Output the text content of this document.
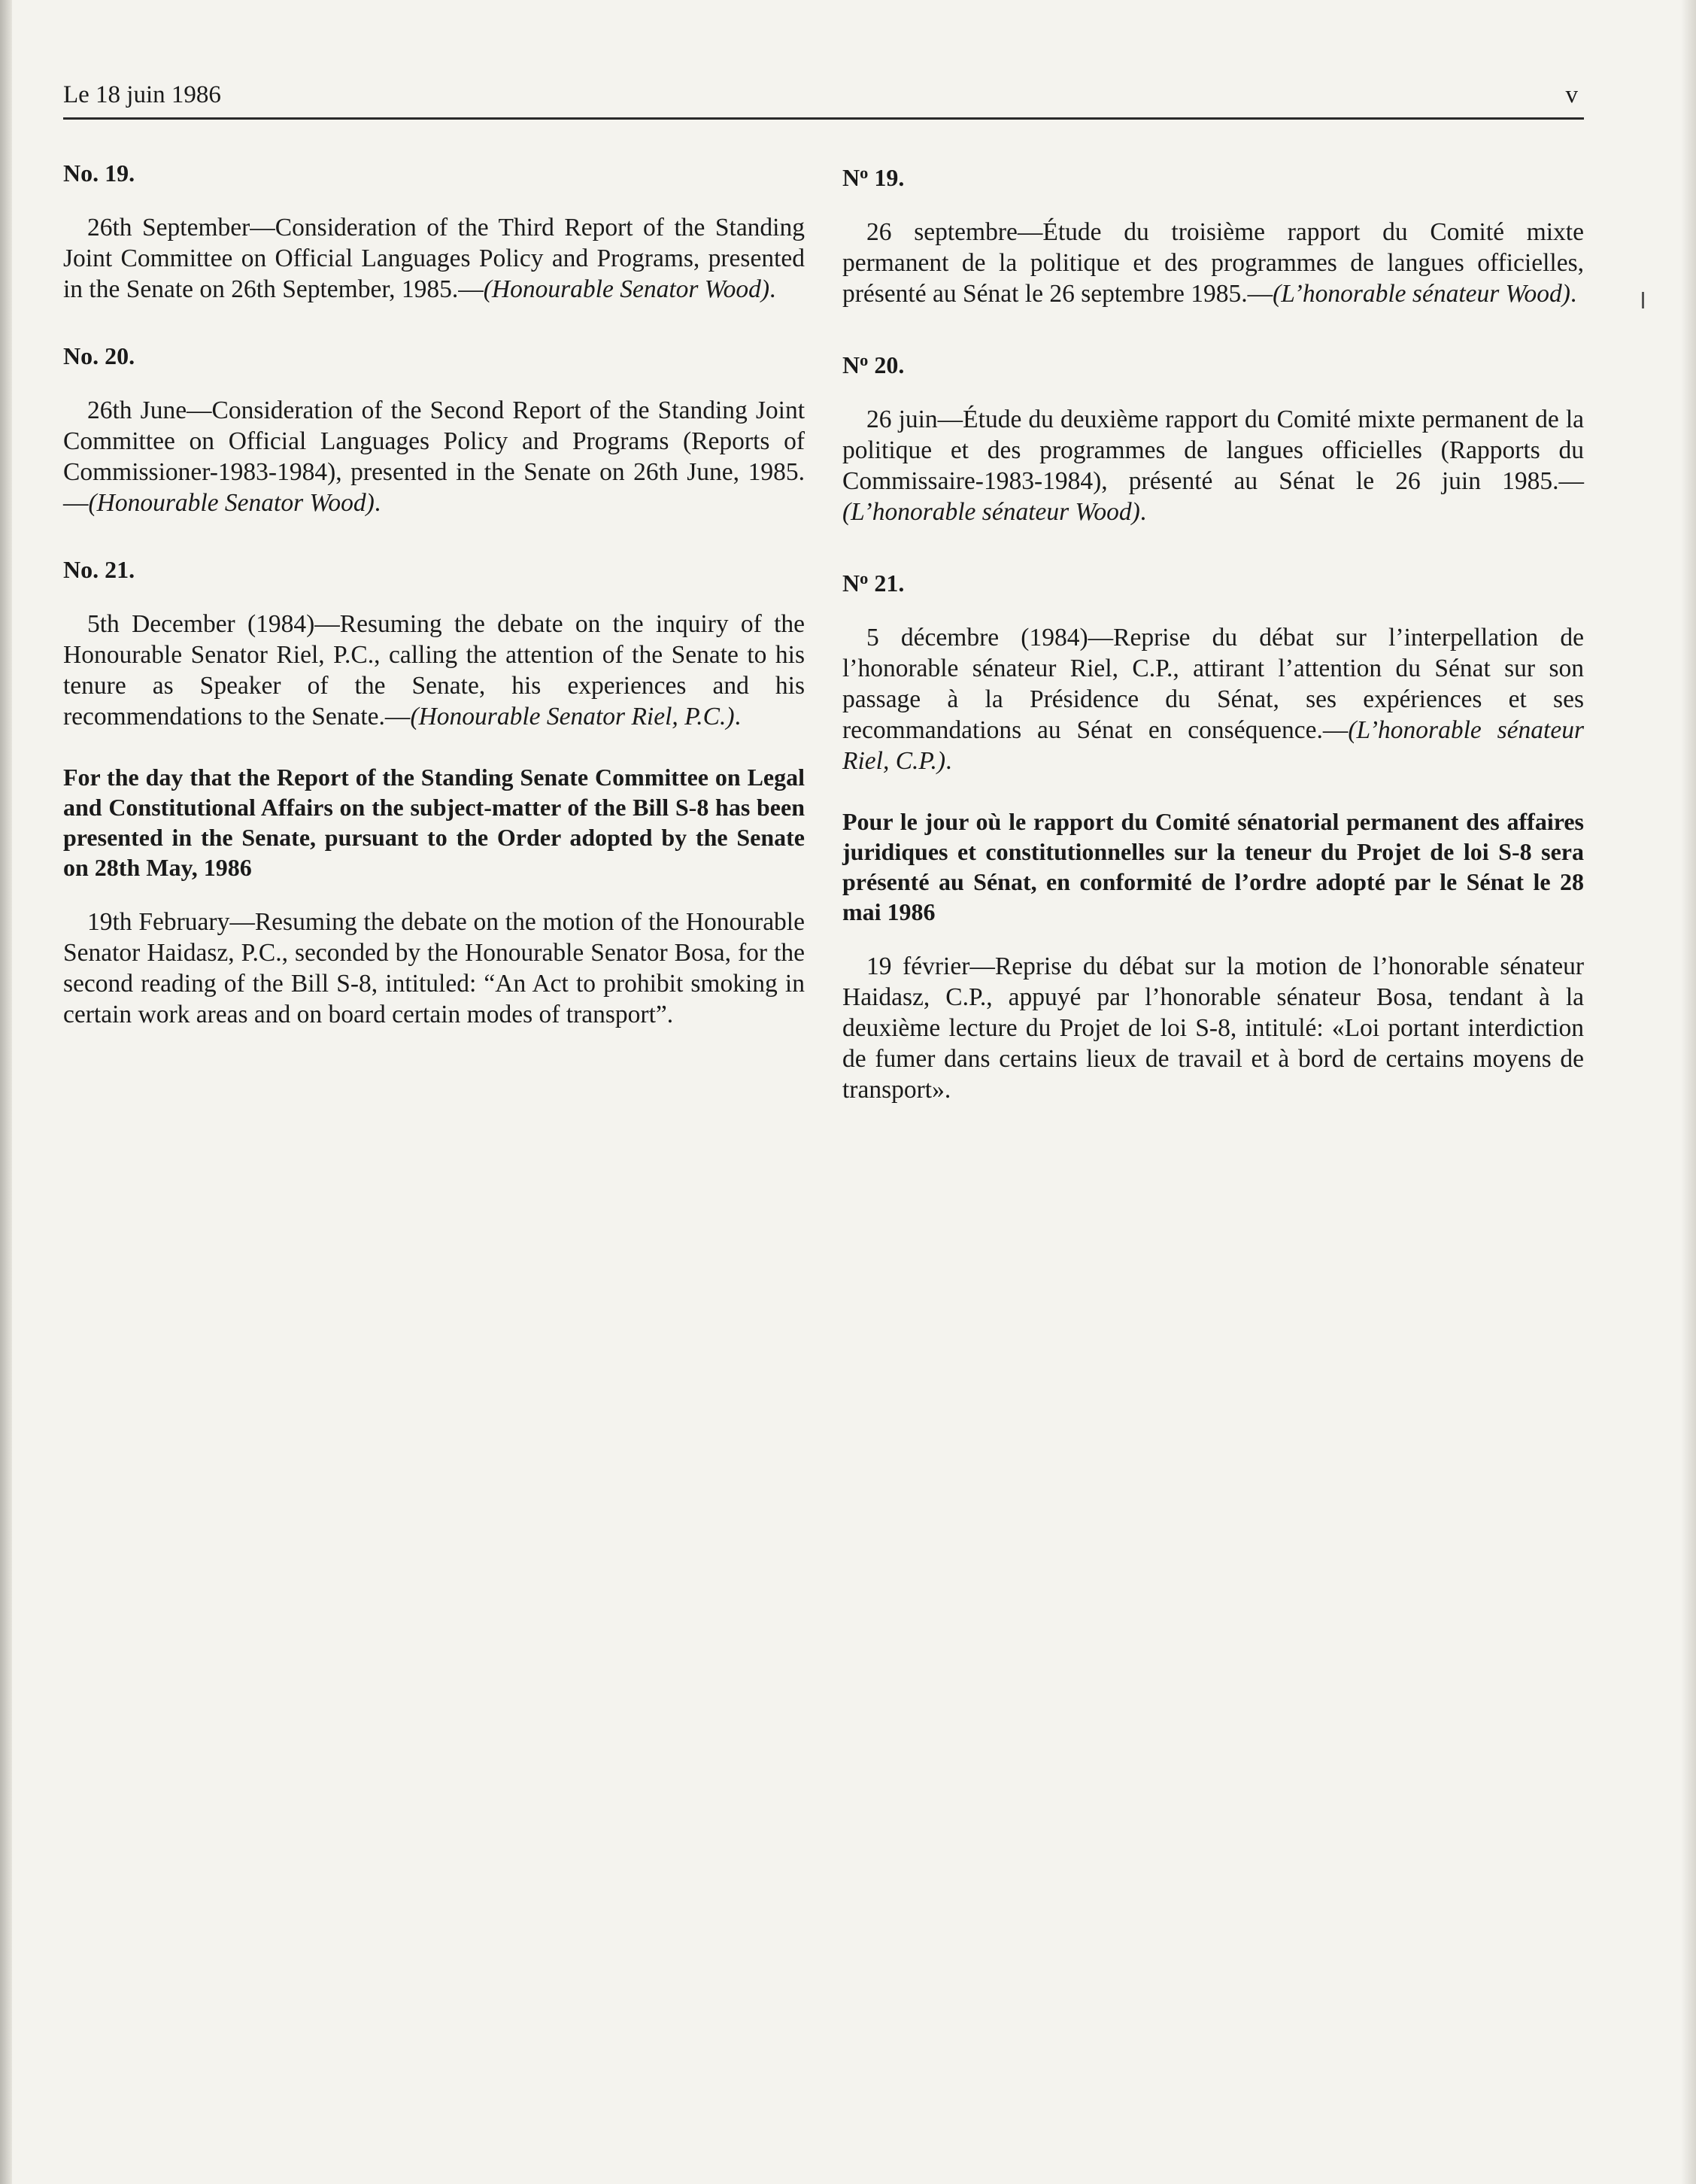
Le 18 juin 1986	v

No. 19.

26th September—Consideration of the Third Report of the Standing Joint Committee on Official Languages Policy and Programs, presented in the Senate on 26th September, 1985.—(Honourable Senator Wood).

No. 20.

26th June—Consideration of the Second Report of the Standing Joint Committee on Official Languages Policy and Programs (Reports of Commissioner-1983-1984), presented in the Senate on 26th June, 1985.—(Honourable Senator Wood).

No. 21.

5th December (1984)—Resuming the debate on the inquiry of the Honourable Senator Riel, P.C., calling the attention of the Senate to his tenure as Speaker of the Senate, his experiences and his recommendations to the Senate.—(Honourable Senator Riel, P.C.).

For the day that the Report of the Standing Senate Committee on Legal and Constitutional Affairs on the subject-matter of the Bill S-8 has been presented in the Senate, pursuant to the Order adopted by the Senate on 28th May, 1986

19th February—Resuming the debate on the motion of the Honourable Senator Haidasz, P.C., seconded by the Honourable Senator Bosa, for the second reading of the Bill S-8, intituled: “An Act to prohibit smoking in certain work areas and on board certain modes of transport”.

$N^o$ 19.

26 septembre—Étude du troisième rapport du Comité mixte permanent de la politique et des programmes de langues officielles, présenté au Sénat le 26 septembre 1985.—(L’honorable sénateur Wood).

$N^o$ 20.

26 juin—Étude du deuxième rapport du Comité mixte permanent de la politique et des programmes de langues officielles (Rapports du Commissaire-1983-1984), présenté au Sénat le 26 juin 1985.—(L’honorable sénateur Wood).

$N^o$ 21.

5 décembre (1984)—Reprise du débat sur l’interpellation de l’honorable sénateur Riel, C.P., attirant l’attention du Sénat sur son passage à la Présidence du Sénat, ses expériences et ses recommandations au Sénat en conséquence.—(L’honorable sénateur Riel, C.P.).

Pour le jour où le rapport du Comité sénatorial permanent des affaires juridiques et constitutionnelles sur la teneur du Projet de loi S-8 sera présenté au Sénat, en conformité de l’ordre adopté par le Sénat le 28 mai 1986

19 février—Reprise du débat sur la motion de l’honorable sénateur Haidasz, C.P., appuyé par l’honorable sénateur Bosa, tendant à la deuxième lecture du Projet de loi S-8, intitulé: «Loi portant interdiction de fumer dans certains lieux de travail et à bord de certains moyens de transport».
